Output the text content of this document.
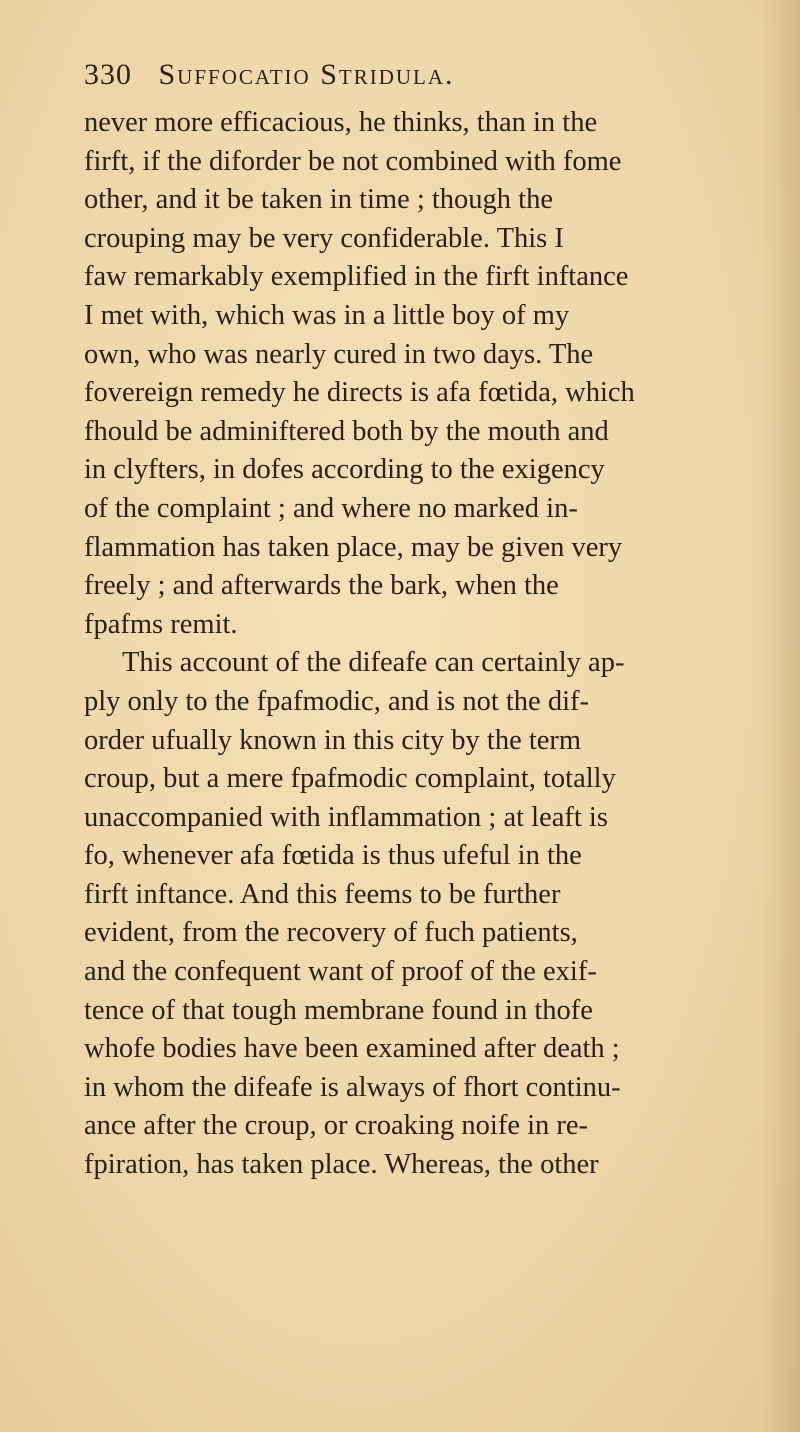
330 Suffocatio Stridula.
never more efficacious, he thinks, than in the
firft, if the diforder be not combined with fome
other, and it be taken in time ; though the
crouping may be very confiderable. This I
faw remarkably exemplified in the firft inftance
I met with, which was in a little boy of my
own, who was nearly cured in two days. The
fovereign remedy he directs is afa fœtida, which
fhould be adminiftered both by the mouth and
in clyfters, in dofes according to the exigency
of the complaint ; and where no marked in-
flammation has taken place, may be given very
freely ; and afterwards the bark, when the
fpafms remit.
This account of the difeafe can certainly ap-
ply only to the fpafmodic, and is not the dif-
order ufually known in this city by the term
croup, but a mere fpafmodic complaint, totally
unaccompanied with inflammation ; at leaft is
fo, whenever afa fœtida is thus ufeful in the
firft inftance. And this feems to be further
evident, from the recovery of fuch patients,
and the confequent want of proof of the exif-
tence of that tough membrane found in thofe
whofe bodies have been examined after death ;
in whom the difeafe is always of fhort continu-
ance after the croup, or croaking noife in re-
fpiration, has taken place. Whereas, the other
